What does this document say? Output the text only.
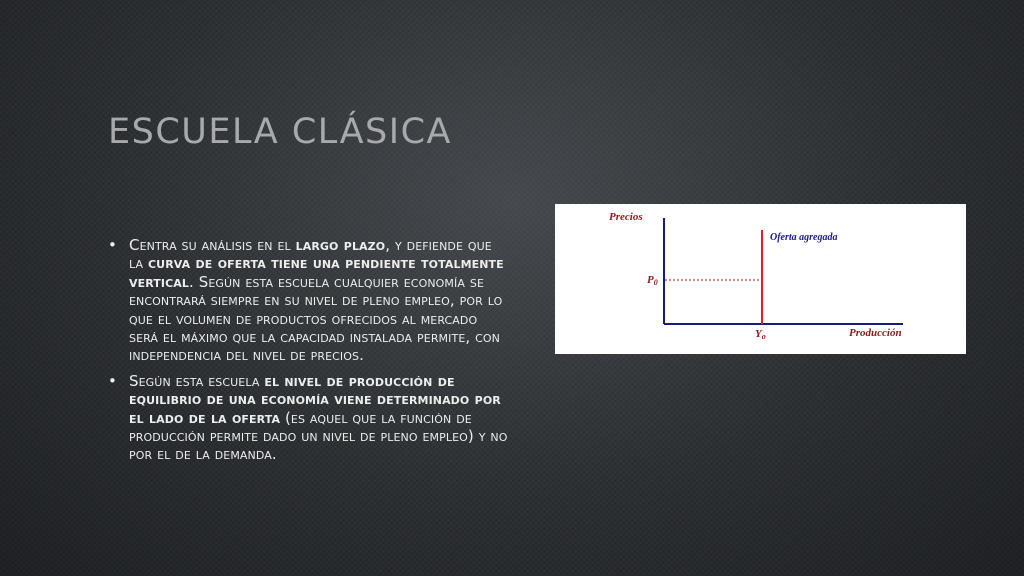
ESCUELA CLÁSICA
• Centra su análisis en el largo plazo, y defiende que la curva de oferta tiene una pendiente totalmente vertical. Según esta escuela cualquier economía se encontrará siempre en su nivel de pleno empleo, por lo que el volumen de productos ofrecidos al mercado será el máximo que la capacidad instalada permite, con independencia del nivel de precios.
• Según esta escuela el nivel de producción de equilibrio de una economía viene determinado por el lado de la oferta (es aquel que la función de producción permite dado un nivel de pleno empleo) y no por el de la demanda.
Precios
Oferta agregada
P0
Yo	Producción
